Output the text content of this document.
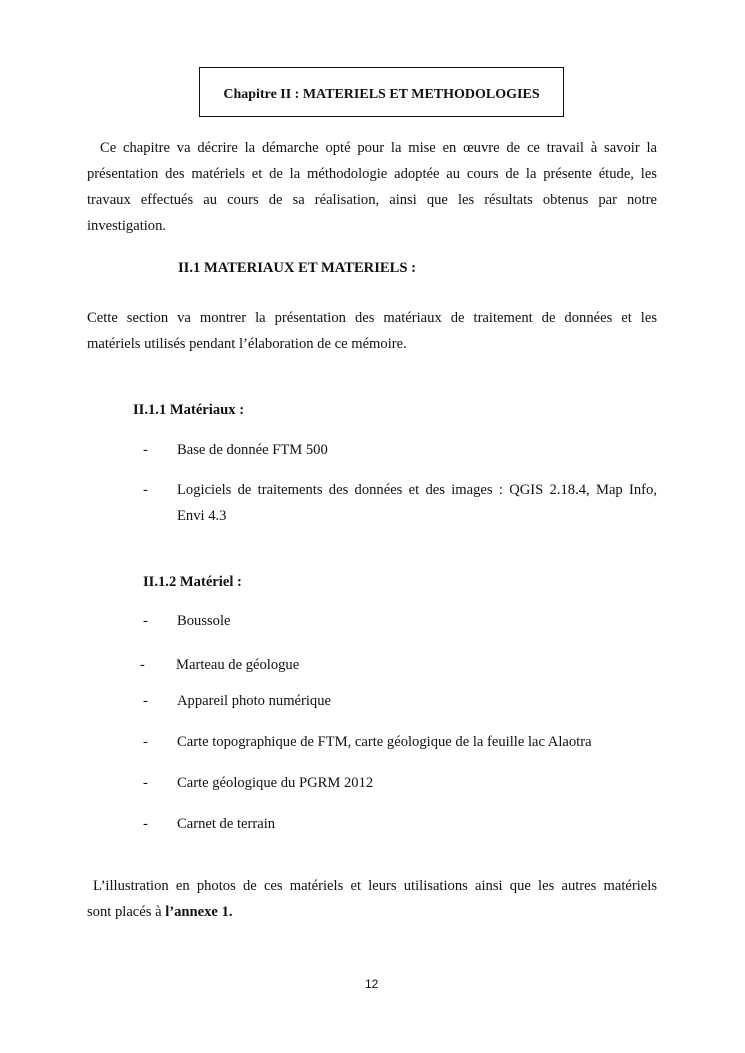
Chapitre II : MATERIELS ET METHODOLOGIES
Ce chapitre va décrire la démarche opté pour la mise en œuvre de ce travail à savoir la
présentation des matériels et de la méthodologie adoptée au cours de la présente étude, les
travaux effectués au cours de sa réalisation, ainsi que les résultats obtenus par notre
investigation.
II.1 MATERIAUX ET MATERIELS :
Cette section va montrer la présentation des matériaux de traitement de données et les
matériels utilisés pendant l’élaboration de ce mémoire.
II.1.1 Matériaux :
- Base de donnée FTM 500
- Logiciels de traitements des données et des images : QGIS 2.18.4, Map Info,
Envi 4.3
II.1.2 Matériel :
- Boussole
- Marteau de géologue
- Appareil photo numérique
- Carte topographique de FTM, carte géologique de la feuille lac Alaotra
- Carte géologique du PGRM 2012
- Carnet de terrain
L’illustration en photos de ces matériels et leurs utilisations ainsi que les autres matériels
sont placés à l’annexe 1.
12
